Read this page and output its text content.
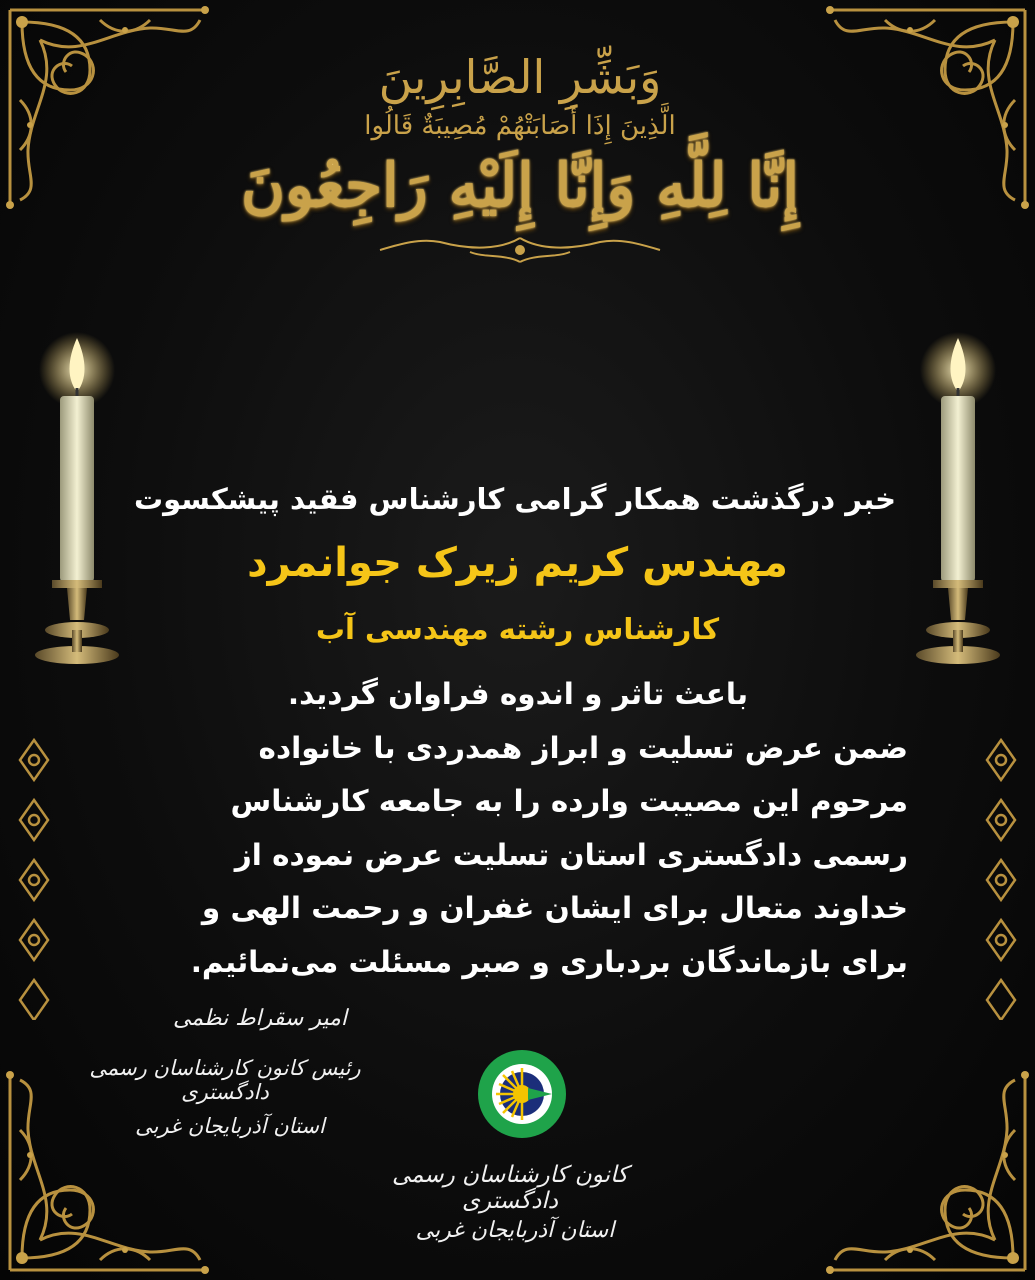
وَبَشِّرِ الصَّابِرِينَ
الَّذِينَ إِذَا أَصَابَتْهُمْ مُصِيبَةٌ قَالُوا
إِنَّا لِلَّهِ وَإِنَّا إِلَيْهِ رَاجِعُونَ
خبر درگذشت همکار گرامی کارشناس فقید پیشکسوت
مهندس کریم زیرک جوانمرد
کارشناس رشته مهندسی آب
باعث تاثر و اندوه فراوان گردید.
ضمن عرض تسلیت و ابراز همدردی با خانواده
مرحوم این مصیبت وارده را به جامعه کارشناس
رسمی دادگستری استان تسلیت عرض نموده از
خداوند متعال برای ایشان غفران و رحمت الهی و
برای بازماندگان بردباری و صبر مسئلت می‌نمائیم.
امیر سقراط نظمی
رئیس کانون کارشناسان رسمی دادگستری
استان آذربایجان غربی
کانون کارشناسان رسمی دادگستری
استان آذربایجان غربی
